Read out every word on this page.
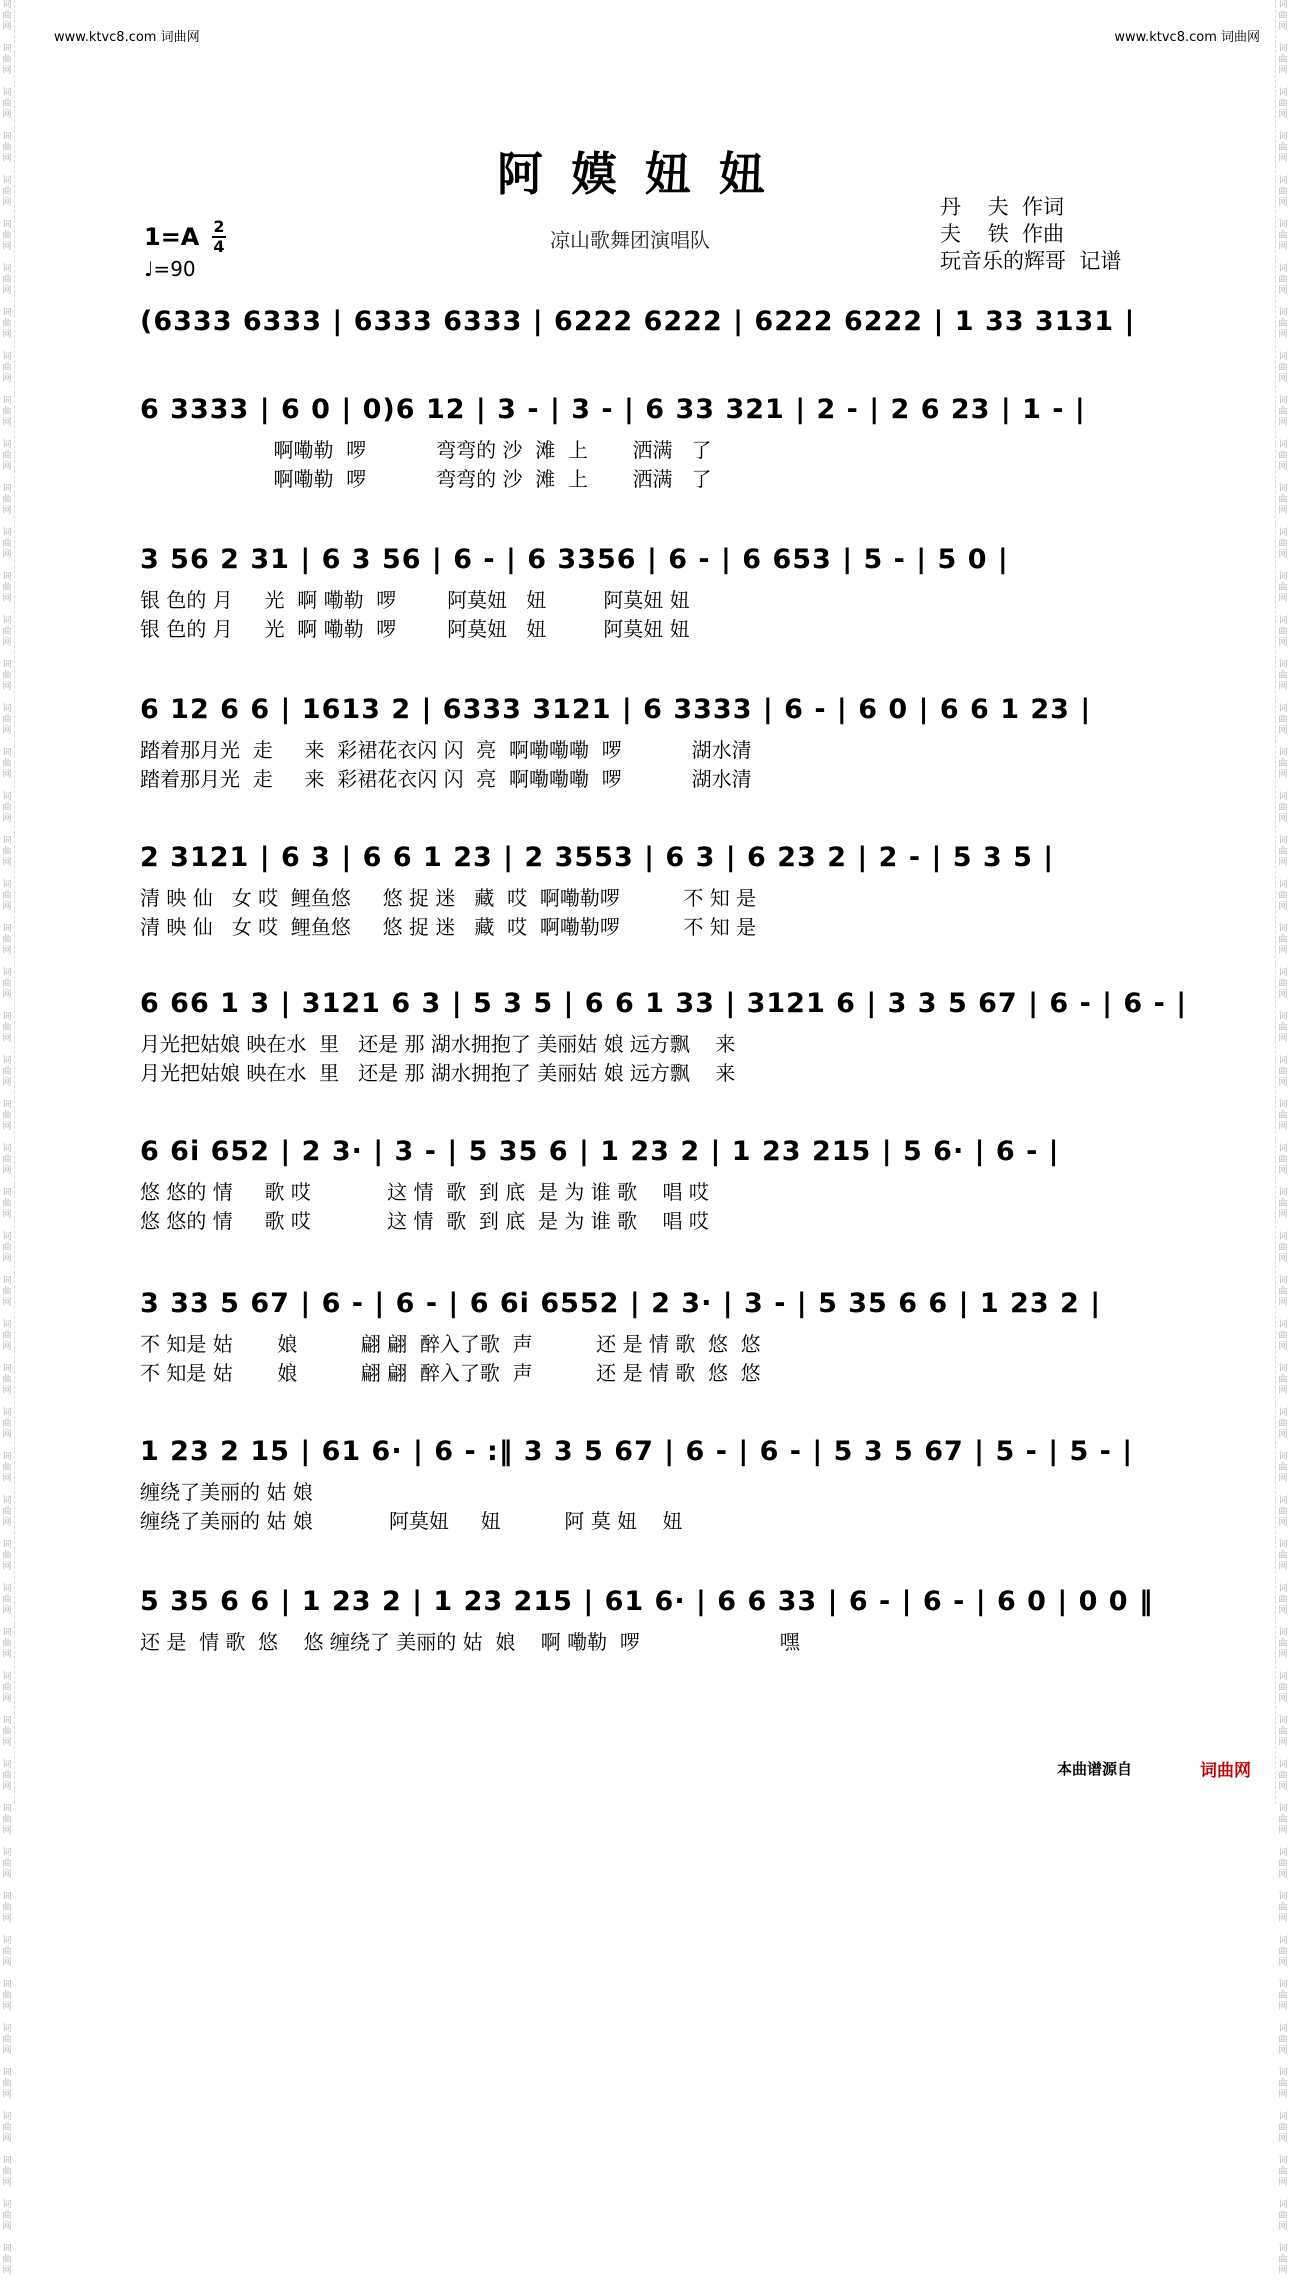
词
曲
网

词
曲
网

词
曲
网

词
曲
网

词
曲
网

词
曲
网

词
曲
网

词
曲
网

词
曲
网

词
曲
网

词
曲
网

词
曲
网

词
曲
网

词
曲
网

词
曲
网

词
曲
网

词
曲
网

词
曲
网

词
曲
网

词
曲
网

词
曲
网

词
曲
网

词
曲
网

词
曲
网

词
曲
网

词
曲
网

词
曲
网

词
曲
网

词
曲
网

词
曲
网

词
曲
网

词
曲
网

词
曲
网

词
曲
网

词
曲
网

词
曲
网

词
曲
网

词
曲
网

词
曲
网

词
曲
网

词
曲
网

词
曲
网

词
曲
网

词
曲
网

词
曲
网

词
曲
网

词
曲
网

词
曲
网

词
曲
网

词
曲
网

词
曲
网

词
曲
网

词
曲
网

词
曲
网

词
曲
网

词
曲
网

词
曲
网

词
曲
网

词
曲
网

词
曲
网

词
曲
网

词
曲
网

词
曲
网

词
曲
网

词
曲
网

词
曲
网

词
曲
网

词
曲
网

词
曲
网

词
曲
网

词
曲
网

词
曲
网

词
曲
网

词
曲
网

词
曲
网

词
曲
网

词
曲
网

词
曲
网

词
曲
网

词
曲
网

词
曲
网

词
曲
网

词
曲
网

词
曲
网

词
曲
网

词
曲
网

词
曲
网

词
曲
网

词
曲
网

词
曲
网

词
曲
网

词
曲
网

词
曲
网

词
曲
网

词
曲
网

词
曲
网

词
曲
网

词
曲
网

词
曲
网

词
曲
网

词
曲
网

词
曲
网

词
曲
网

词
曲
网

www.ktvc8.com 词曲网	www.ktvc8.com 词曲网
阿嫫妞妞
1=A 2
4
♩=90
凉山歌舞团演唱队
丹    夫  作词
夫    铁  作曲
玩音乐的辉哥  记谱
(6333 6333 | 6333 6333 | 6222 6222 | 6222 6222 | 1 33 3131 |
6 3333 | 6 0 | 0)6 12 | 3 - | 3 - | 6 33 321 | 2 - | 2 6 23 | 1 - |
啊嘞勒  啰           弯弯的 沙  滩  上       洒满   了
啊嘞勒  啰           弯弯的 沙  滩  上       洒满   了
3 56 2 31 | 6 3 56 | 6 - | 6 3356 | 6 - | 6 653 | 5 - | 5 0 |
银 色的 月     光  啊 嘞勒  啰        阿莫妞   妞         阿莫妞 妞
银 色的 月     光  啊 嘞勒  啰        阿莫妞   妞         阿莫妞 妞
6 12 6 6 | 1613 2 | 6333 3121 | 6 3333 | 6 - | 6 0 | 6 6 1 23 |
踏着那月光  走     来  彩裙花衣闪 闪  亮  啊嘞嘞嘞  啰           湖水清
踏着那月光  走     来  彩裙花衣闪 闪  亮  啊嘞嘞嘞  啰           湖水清
2 3121 | 6 3 | 6 6 1 23 | 2 3553 | 6 3 | 6 23 2 | 2 - | 5 3 5 |
清 映 仙   女 哎  鲤鱼悠     悠 捉 迷   藏  哎  啊嘞勒啰          不 知 是
清 映 仙   女 哎  鲤鱼悠     悠 捉 迷   藏  哎  啊嘞勒啰          不 知 是
6 66 1 3 | 3121 6 3 | 5 3 5 | 6 6 1 33 | 3121 6 | 3 3 5 67 | 6 - | 6 - |
月光把姑娘 映在水  里   还是 那 湖水拥抱了 美丽姑 娘 远方飘    来
月光把姑娘 映在水  里   还是 那 湖水拥抱了 美丽姑 娘 远方飘    来
6 6i 652 | 2 3· | 3 - | 5 35 6 | 1 23 2 | 1 23 215 | 5 6· | 6 - |
悠 悠的 情     歌 哎            这 情  歌  到 底  是 为 谁 歌    唱 哎
悠 悠的 情     歌 哎            这 情  歌  到 底  是 为 谁 歌    唱 哎
3 33 5 67 | 6 - | 6 - | 6 6i 6552 | 2 3· | 3 - | 5 35 6 6 | 1 23 2 |
不 知是 姑       娘          翩 翩  醉入了歌  声          还 是 情 歌  悠  悠
不 知是 姑       娘          翩 翩  醉入了歌  声          还 是 情 歌  悠  悠
1 23 2 15 | 61 6· | 6 - :‖ 3 3 5 67 | 6 - | 6 - | 5 3 5 67 | 5 - | 5 - |
缠绕了美丽的 姑 娘
缠绕了美丽的 姑 娘            阿莫妞     妞          阿 莫 妞    妞
5 35 6 6 | 1 23 2 | 1 23 215 | 61 6· | 6 6 33 | 6 - | 6 - | 6 0 | 0 0 ‖
还 是  情 歌  悠    悠 缠绕了 美丽的 姑  娘    啊 嘞勒  啰                      嘿
本曲谱源自	词曲网
